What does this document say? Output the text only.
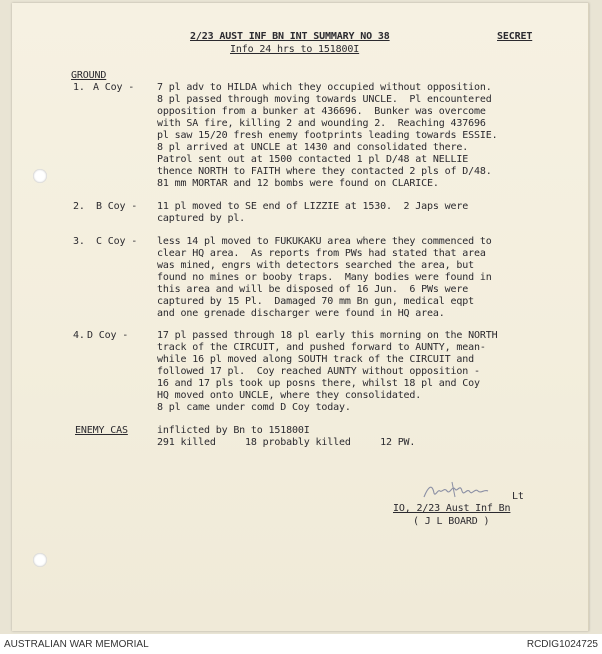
2/23 AUST INF BN INT SUMMARY NO 38	SECRET
Info 24 hrs to 151800I
GROUND
1. A Coy - 7 pl adv to HILDA which they occupied without opposition.
8 pl passed through moving towards UNCLE.  Pl encountered
opposition from a bunker at 436696.  Bunker was overcome
with SA fire, killing 2 and wounding 2.  Reaching 437696
pl saw 15/20 fresh enemy footprints leading towards ESSIE.
8 pl arrived at UNCLE at 1430 and consolidated there.
Patrol sent out at 1500 contacted 1 pl D/48 at NELLIE
thence NORTH to FAITH where they contacted 2 pls of D/48.
81 mm MORTAR and 12 bombs were found on CLARICE.
2. B Coy - 11 pl moved to SE end of LIZZIE at 1530.  2 Japs were
captured by pl.
3. C Coy - less 14 pl moved to FUKUKAKU area where they commenced to
clear HQ area.  As reports from PWs had stated that area
was mined, engrs with detectors searched the area, but
found no mines or booby traps.  Many bodies were found in
this area and will be disposed of 16 Jun.  6 PWs were
captured by 15 Pl.  Damaged 70 mm Bn gun, medical eqpt
and one grenade discharger were found in HQ area.
4. D Coy -	17 pl passed through 18 pl early this morning on the NORTH
track of the CIRCUIT, and pushed forward to AUNTY, mean-
while 16 pl moved along SOUTH track of the CIRCUIT and
followed 17 pl.  Coy reached AUNTY without opposition -
16 and 17 pls took up posns there, whilst 18 pl and Coy
HQ moved onto UNCLE, where they consolidated.
8 pl came under comd D Coy today.
ENEMY CAS	inflicted by Bn to 151800I
291 killed     18 probably killed     12 PW.
Lt
IO, 2/23 Aust Inf Bn
( J L BOARD )
AUSTRALIAN WAR MEMORIAL	RCDIG1024725
